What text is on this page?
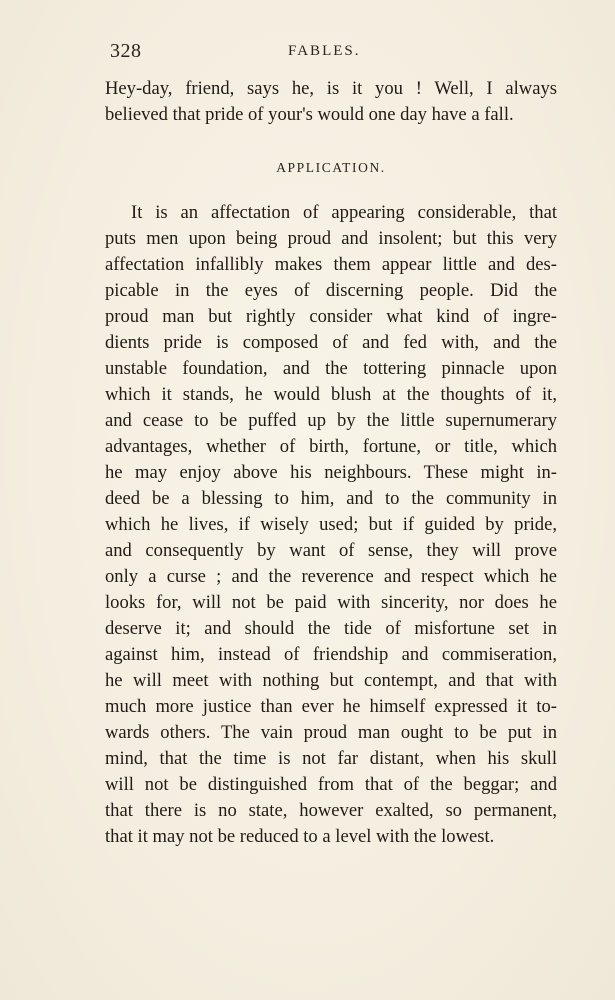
328	FABLES.
Hey-day, friend, says he, is it you ! Well, I always
believed that pride of your's would one day have a fall.
APPLICATION.
It is an affectation of appearing considerable, that
puts men upon being proud and insolent; but this very
affectation infallibly makes them appear little and des-
picable in the eyes of discerning people. Did the
proud man but rightly consider what kind of ingre-
dients pride is composed of and fed with, and the
unstable foundation, and the tottering pinnacle upon
which it stands, he would blush at the thoughts of it,
and cease to be puffed up by the little supernumerary
advantages, whether of birth, fortune, or title, which
he may enjoy above his neighbours. These might in-
deed be a blessing to him, and to the community in
which he lives, if wisely used; but if guided by pride,
and consequently by want of sense, they will prove
only a curse ; and the reverence and respect which he
looks for, will not be paid with sincerity, nor does he
deserve it; and should the tide of misfortune set in
against him, instead of friendship and commiseration,
he will meet with nothing but contempt, and that with
much more justice than ever he himself expressed it to-
wards others. The vain proud man ought to be put in
mind, that the time is not far distant, when his skull
will not be distinguished from that of the beggar; and
that there is no state, however exalted, so permanent,
that it may not be reduced to a level with the lowest.
